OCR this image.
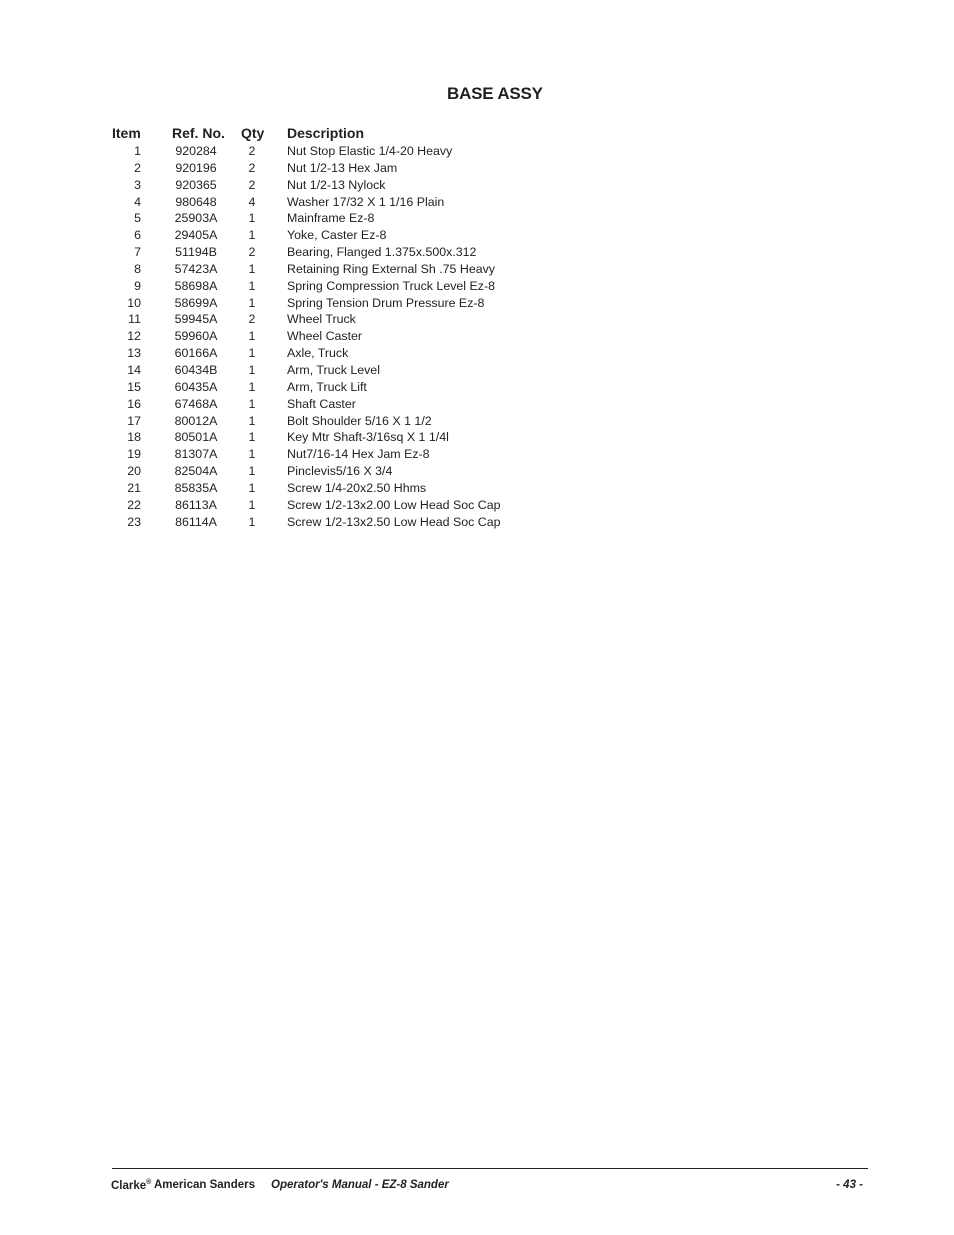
BASE ASSY
Item Ref. No. Qty Description
1	920284	2	Nut Stop Elastic 1/4-20 Heavy
2	920196	2	Nut 1/2-13 Hex Jam
3	920365	2	Nut 1/2-13 Nylock
4	980648	4	Washer 17/32 X 1 1/16 Plain
5	25903A	1	Mainframe Ez-8
6	29405A	1	Yoke, Caster Ez-8
7	51194B	2	Bearing, Flanged 1.375x.500x.312
8	57423A	1	Retaining Ring External Sh .75 Heavy
9	58698A	1	Spring Compression Truck Level Ez-8
10	58699A	1	Spring Tension Drum Pressure Ez-8
11	59945A	2	Wheel Truck
12	59960A	1	Wheel Caster
13	60166A	1	Axle, Truck
14	60434B	1	Arm, Truck Level
15	60435A	1	Arm, Truck Lift
16	67468A	1	Shaft Caster
17	80012A	1	Bolt Shoulder 5/16 X 1 1/2
18	80501A	1	Key Mtr Shaft-3/16sq X 1 1/4l
19	81307A	1	Nut7/16-14 Hex Jam Ez-8
20	82504A	1	Pinclevis5/16 X 3/4
21	85835A	1	Screw 1/4-20x2.50 Hhms
22	86113A	1	Screw 1/2-13x2.00 Low Head Soc Cap
23	86114A	1	Screw 1/2-13x2.50 Low Head Soc Cap
Clarke® American Sanders Operator's Manual - EZ-8 Sander	- 43 -
